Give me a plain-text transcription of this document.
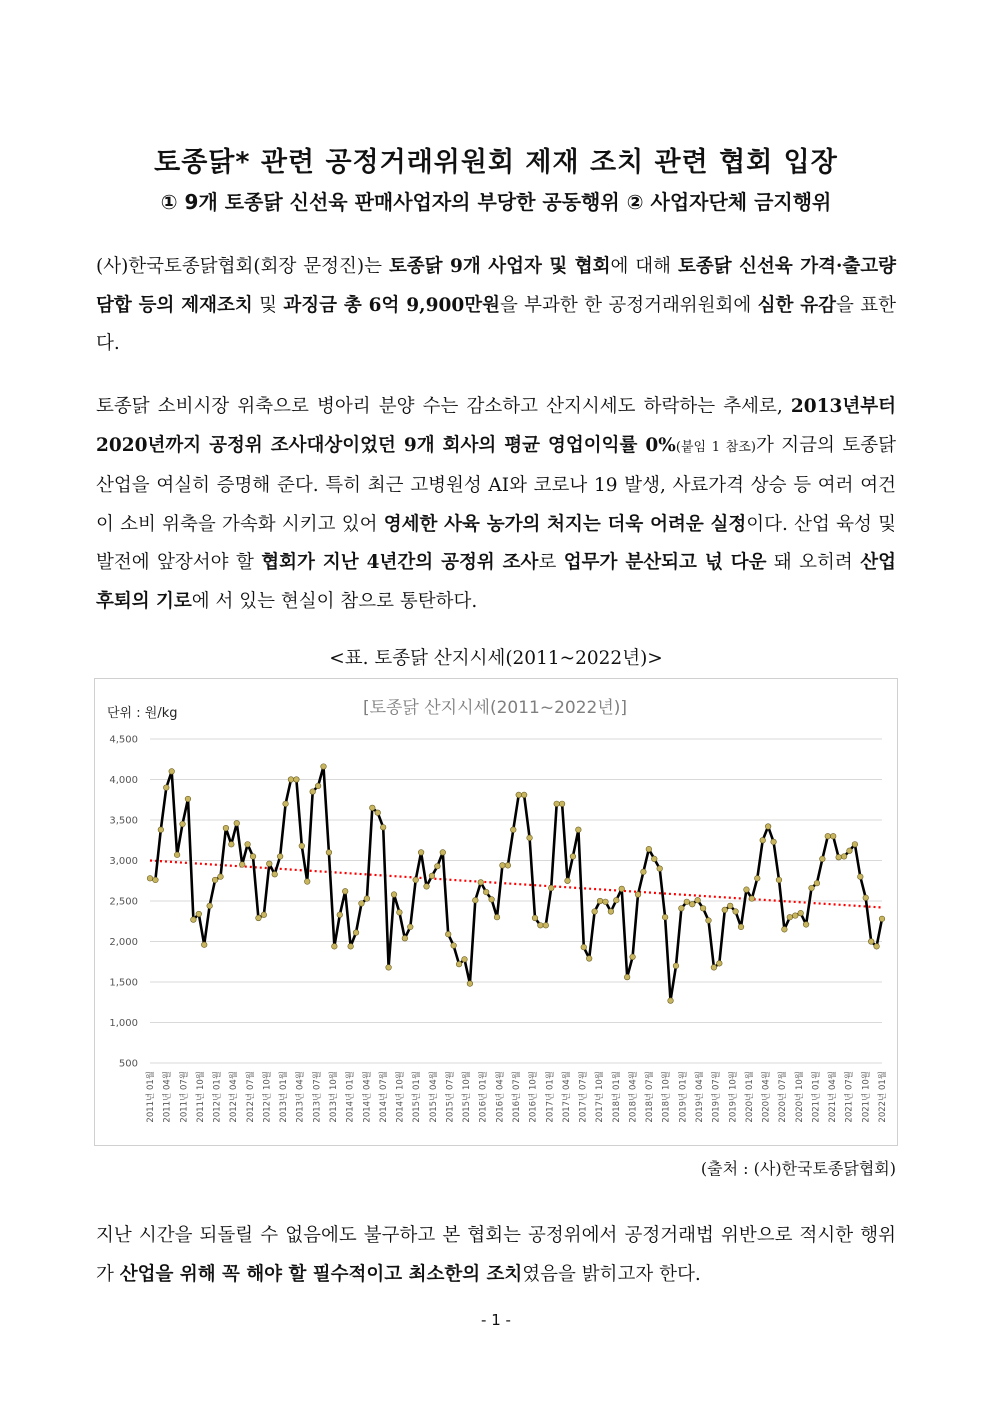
토종닭* 관련 공정거래위원회 제재 조치 관련 협회 입장
① 9개 토종닭 신선육 판매사업자의 부당한 공동행위 ② 사업자단체 금지행위
(사)한국토종닭협회(회장 문정진)는 토종닭 9개 사업자 및 협회에 대해 토종닭 신선육 가격·출고량 담합 등의 제재조치 및 과징금 총 6억 9,900만원을 부과한 한 공정거래위원회에 심한 유감을 표한다.
토종닭 소비시장 위축으로 병아리 분양 수는 감소하고 산지시세도 하락하는 추세로, 2013년부터 2020년까지 공정위 조사대상이었던 9개 회사의 평균 영업이익률 0%(붙임 1 참조)가 지금의 토종닭 산업을 여실히 증명해 준다. 특히 최근 고병원성 AI와 코로나 19 발생, 사료가격 상승 등 여러 여건이 소비 위축을 가속화 시키고 있어 영세한 사육 농가의 처지는 더욱 어려운 실정이다. 산업 육성 및 발전에 앞장서야 할 협회가 지난 4년간의 공정위 조사로 업무가 분산되고 넋 다운 돼 오히려 산업 후퇴의 기로에 서 있는 현실이 참으로 통탄하다.
<표. 토종닭 산지시세(2011~2022년)>
[토종닭 산지시세(2011~2022년)]
단위 : 원/kg
500
1,000
1,500
2,000
2,500
3,000
3,500
4,000
4,500
2011년 01월 2011년 04월 2011년 07월 2011년 10월 2012년 01월 2012년 04월 2012년 07월 2012년 10월 2013년 01월 2013년 04월 2013년 07월 2013년 10월 2014년 01월 2014년 04월 2014년 07월 2014년 10월 2015년 01월 2015년 04월 2015년 07월 2015년 10월 2016년 01월 2016년 04월 2016년 07월 2016년 10월 2017년 01월 2017년 04월 2017년 07월 2017년 10월 2018년 01월 2018년 04월 2018년 07월 2018년 10월 2019년 01월 2019년 04월 2019년 07월 2019년 10월 2020년 01월 2020년 04월 2020년 07월 2020년 10월 2021년 01월 2021년 04월 2021년 07월 2021년 10월 2022년 01월
(출처 : (사)한국토종닭협회)
지난 시간을 되돌릴 수 없음에도 불구하고 본 협회는 공정위에서 공정거래법 위반으로 적시한 행위가 산업을 위해 꼭 해야 할 필수적이고 최소한의 조치였음을 밝히고자 한다.
- 1 -
